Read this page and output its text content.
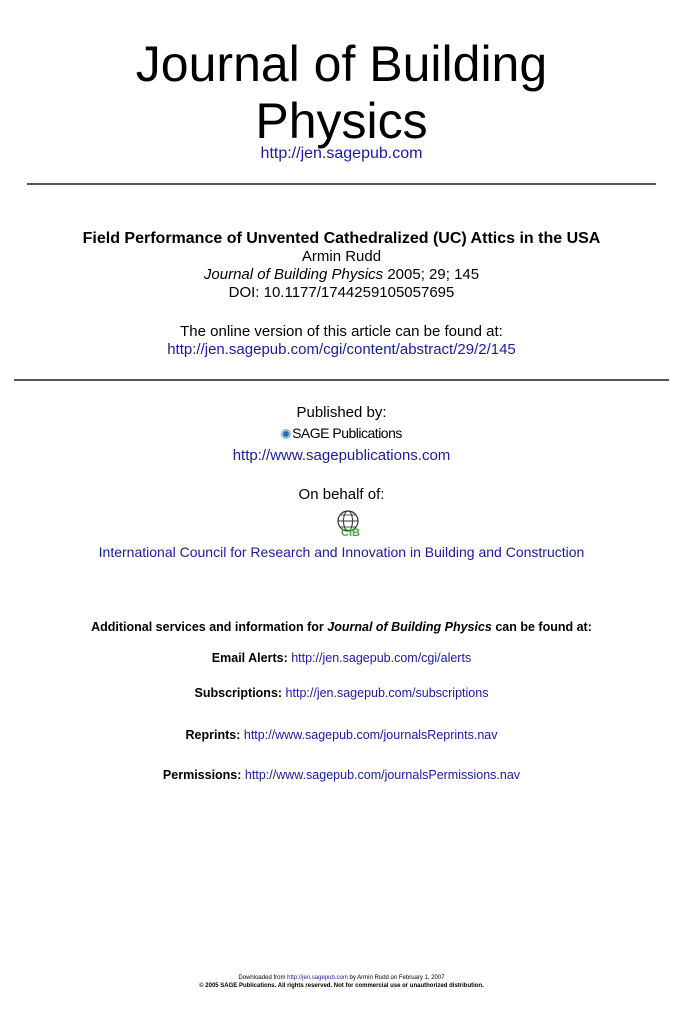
Journal of Building
Physics
http://jen.sagepub.com
Field Performance of Unvented Cathedralized (UC) Attics in the USA
Armin Rudd
Journal of Building Physics 2005; 29; 145
DOI: 10.1177/1744259105057695
The online version of this article can be found at:
http://jen.sagepub.com/cgi/content/abstract/29/2/145
Published by:
SAGE Publications
http://www.sagepublications.com
On behalf of:
CIB
International Council for Research and Innovation in Building and Construction
Additional services and information for Journal of Building Physics can be found at:
Email Alerts: http://jen.sagepub.com/cgi/alerts
Subscriptions: http://jen.sagepub.com/subscriptions
Reprints: http://www.sagepub.com/journalsReprints.nav
Permissions: http://www.sagepub.com/journalsPermissions.nav
Downloaded from http://jen.sagepub.com by Armin Rudd on February 1, 2007
© 2005 SAGE Publications. All rights reserved. Not for commercial use or unauthorized distribution.
